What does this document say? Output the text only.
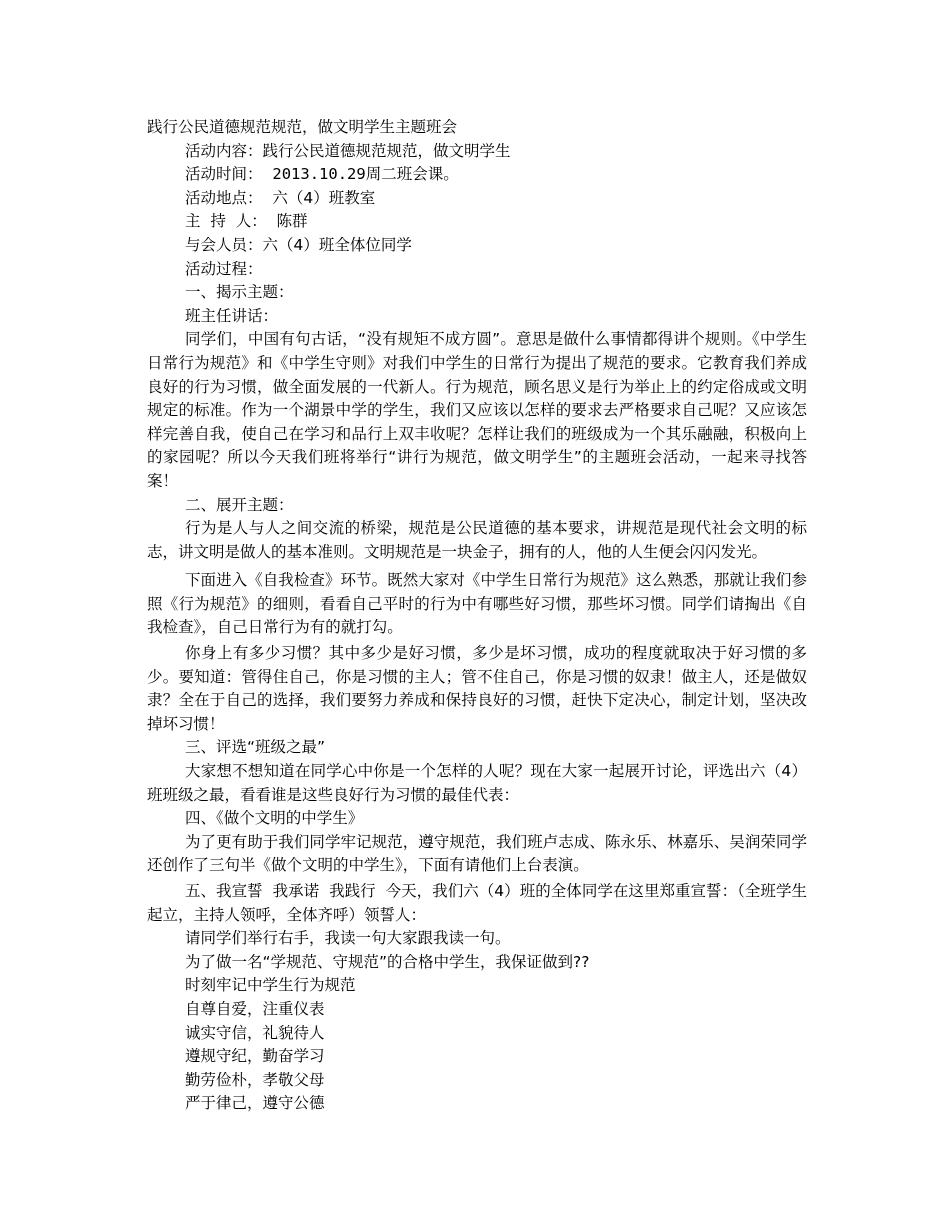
践行公民道德规范规范，做文明学生主题班会

活动内容：践行公民道德规范规范，做文明学生

活动时间： 2013.10.29周二班会课。

活动地点：  六（4）班教室

主  持  人：  陈群

与会人员：六（4）班全体位同学

活动过程：

一、揭示主题：

班主任讲话：

同学们，中国有句古话，“没有规矩不成方圆”。意思是做什么事情都得讲个规则。《中学生日常行为规范》和《中学生守则》对我们中学生的日常行为提出了规范的要求。它教育我们养成良好的行为习惯，做全面发展的一代新人。行为规范，顾名思义是行为举止上的约定俗成或文明规定的标准。作为一个湖景中学的学生，我们又应该以怎样的要求去严格要求自己呢？又应该怎样完善自我，使自己在学习和品行上双丰收呢？怎样让我们的班级成为一个其乐融融，积极向上的家园呢？所以今天我们班将举行“讲行为规范，做文明学生”的主题班会活动，一起来寻找答案！

二、展开主题：

行为是人与人之间交流的桥梁，规范是公民道德的基本要求，讲规范是现代社会文明的标志，讲文明是做人的基本准则。文明规范是一块金子，拥有的人，他的人生便会闪闪发光。

下面进入《自我检查》环节。既然大家对《中学生日常行为规范》这么熟悉，那就让我们参照《行为规范》的细则，看看自己平时的行为中有哪些好习惯，那些坏习惯。同学们请掏出《自我检查》，自己日常行为有的就打勾。

你身上有多少习惯？其中多少是好习惯，多少是坏习惯，成功的程度就取决于好习惯的多少。要知道：管得住自己，你是习惯的主人；管不住自己，你是习惯的奴隶！做主人，还是做奴隶？全在于自己的选择，我们要努力养成和保持良好的习惯，赶快下定决心，制定计划，坚决改掉坏习惯！

三、评选“班级之最”

大家想不想知道在同学心中你是一个怎样的人呢？现在大家一起展开讨论，评选出六（4）班班级之最，看看谁是这些良好行为习惯的最佳代表：

四、《做个文明的中学生》

为了更有助于我们同学牢记规范，遵守规范，我们班卢志成、陈永乐、林嘉乐、吴润荣同学还创作了三句半《做个文明的中学生》，下面有请他们上台表演。

五、我宣誓  我承诺  我践行  今天，我们六（4）班的全体同学在这里郑重宣誓：（全班学生起立，主持人领呼，全体齐呼）领誓人：

请同学们举行右手，我读一句大家跟我读一句。

为了做一名“学规范、守规范”的合格中学生，我保证做到??

时刻牢记中学生行为规范

自尊自爱，注重仪表

诚实守信，礼貌待人

遵规守纪，勤奋学习

勤劳俭朴，孝敬父母

严于律己，遵守公德
